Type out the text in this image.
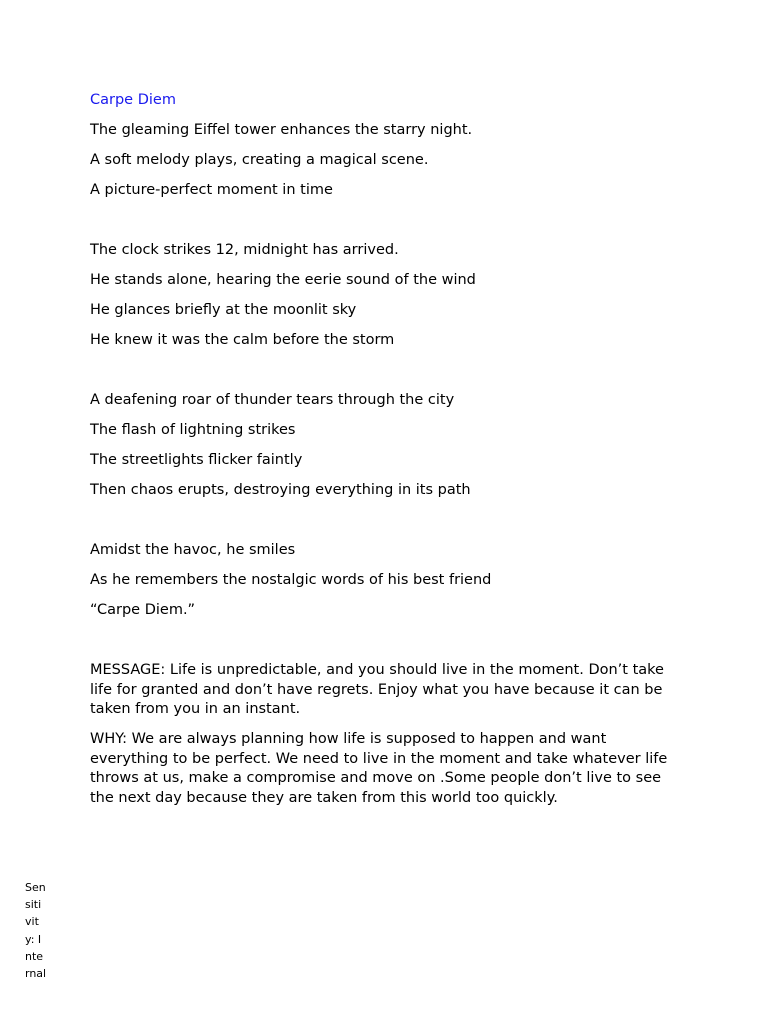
Carpe Diem
The gleaming Eiffel tower enhances the starry night.
A soft melody plays, creating a magical scene.
A picture-perfect moment in time
The clock strikes 12, midnight has arrived.
He stands alone, hearing the eerie sound of the wind
He glances briefly at the moonlit sky
He knew it was the calm before the storm
A deafening roar of thunder tears through the city
The flash of lightning strikes
The streetlights flicker faintly
Then chaos erupts, destroying everything in its path
Amidst the havoc, he smiles
As he remembers the nostalgic words of his best friend
“Carpe Diem.”
MESSAGE: Life is unpredictable, and you should live in the moment. Don’t take life for granted and don’t have regrets. Enjoy what you have because it can be taken from you in an instant.
WHY: We are always planning how life is supposed to happen and want everything to be perfect. We need to live in the moment and take whatever life throws at us, make a compromise and move on .Some people don’t live to see the next day because they are taken from this world too quickly.
Sensitivity: Internal
